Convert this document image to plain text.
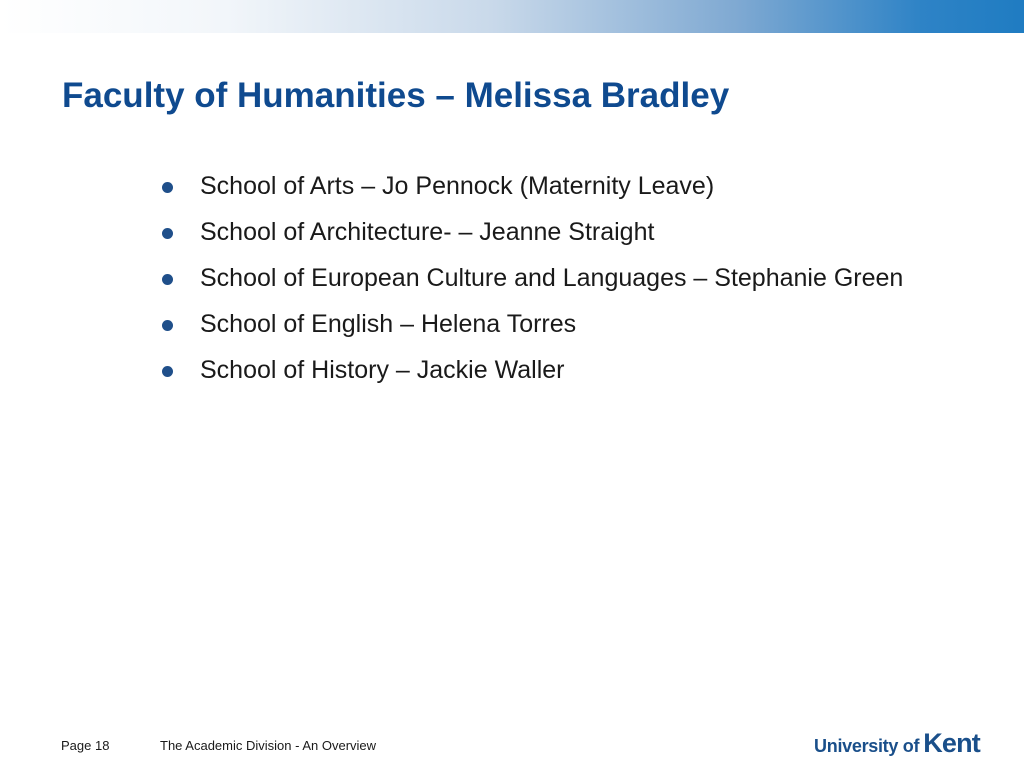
Faculty of Humanities – Melissa Bradley
School of Arts – Jo Pennock (Maternity Leave)
School of Architecture- – Jeanne Straight
School of European Culture and Languages – Stephanie Green
School of English – Helena Torres
School of History – Jackie Waller
Page 18	The Academic Division - An Overview	University of Kent
